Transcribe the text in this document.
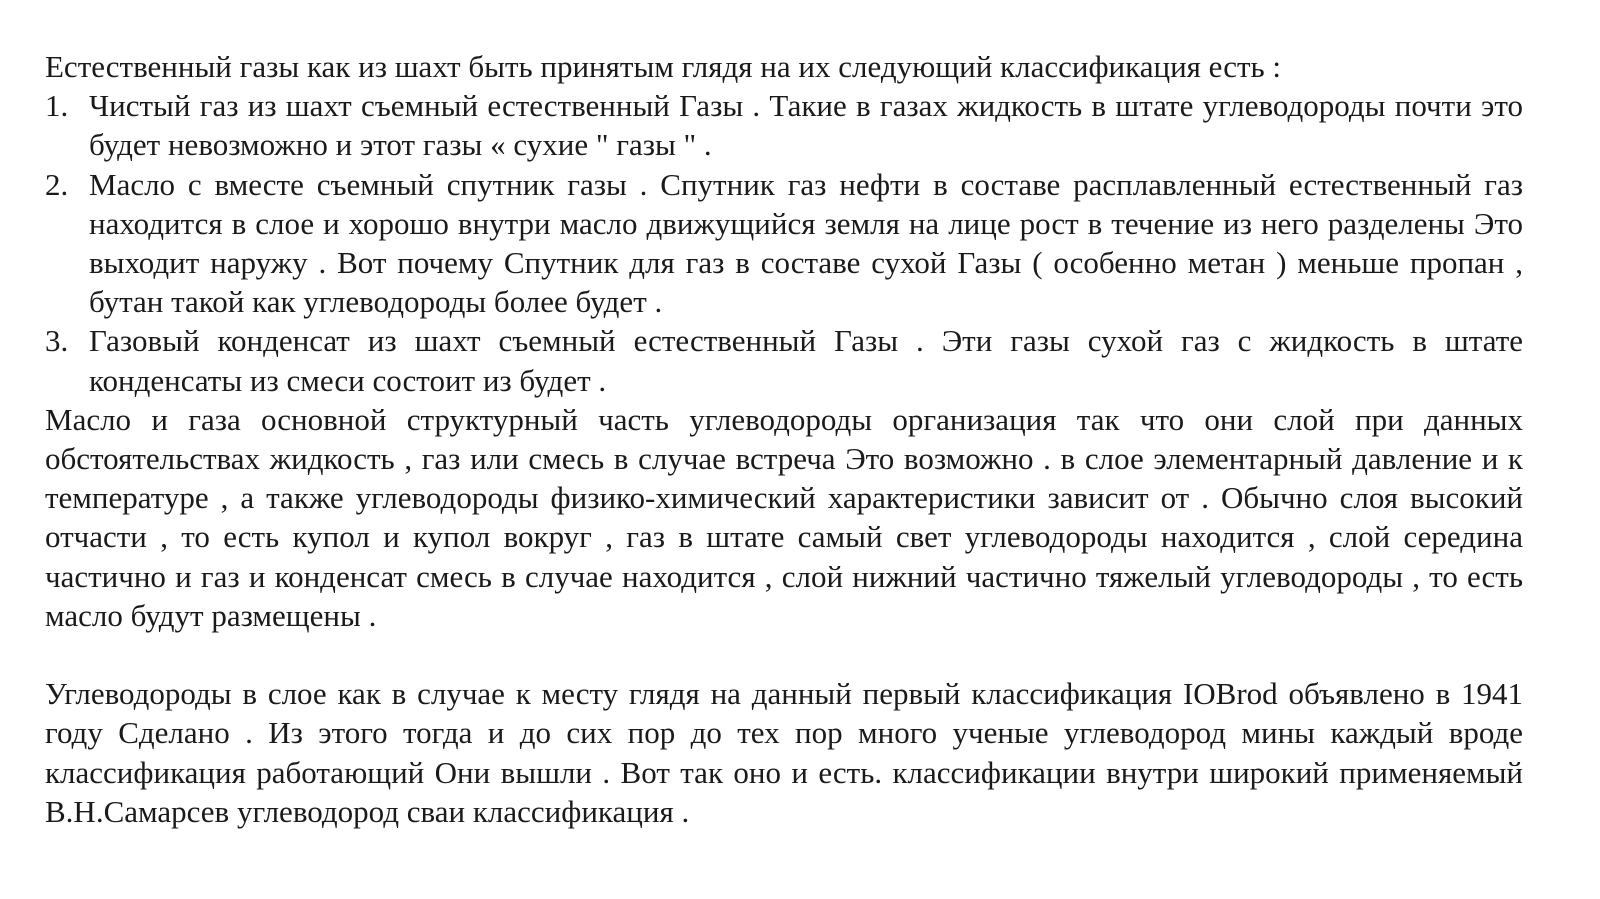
Естественный газы как из шахт быть принятым глядя на их следующий классификация есть :

1. Чистый газ из шахт съемный естественный Газы . Такие в газах жидкость в штате углеводороды почти это будет невозможно и этот газы « сухие " газы " .
2. Масло с вместе съемный спутник газы . Спутник газ нефти в составе расплавленный естественный газ находится в слое и хорошо внутри масло движущийся земля на лице рост в течение из него разделены Это выходит наружу . Вот почему Спутник для газ в составе сухой Газы ( особенно метан ) меньше пропан , бутан такой как углеводороды более будет .
3. Газовый конденсат из шахт съемный естественный Газы . Эти газы сухой газ с жидкость в штате конденсаты из смеси состоит из будет .

Масло и газа основной структурный часть углеводороды организация так что они слой при данных обстоятельствах жидкость , газ или смесь в случае встреча Это возможно . в слое элементарный давление и к температуре , а также углеводороды физико-химический характеристики зависит от . Обычно слоя высокий отчасти , то есть купол и купол вокруг , газ в штате самый свет углеводороды находится , слой середина частично и газ и конденсат смесь в случае находится , слой нижний частично тяжелый углеводороды , то есть масло будут размещены .

Углеводороды в слое как в случае к месту глядя на данный первый классификация IOBrod объявлено в 1941 году Сделано . Из этого тогда и до сих пор до тех пор много ученые углеводород мины каждый вроде классификация работающий Они вышли . Вот так оно и есть. классификации внутри широкий применяемый В.Н.Самарсев углеводород сваи классификация .
